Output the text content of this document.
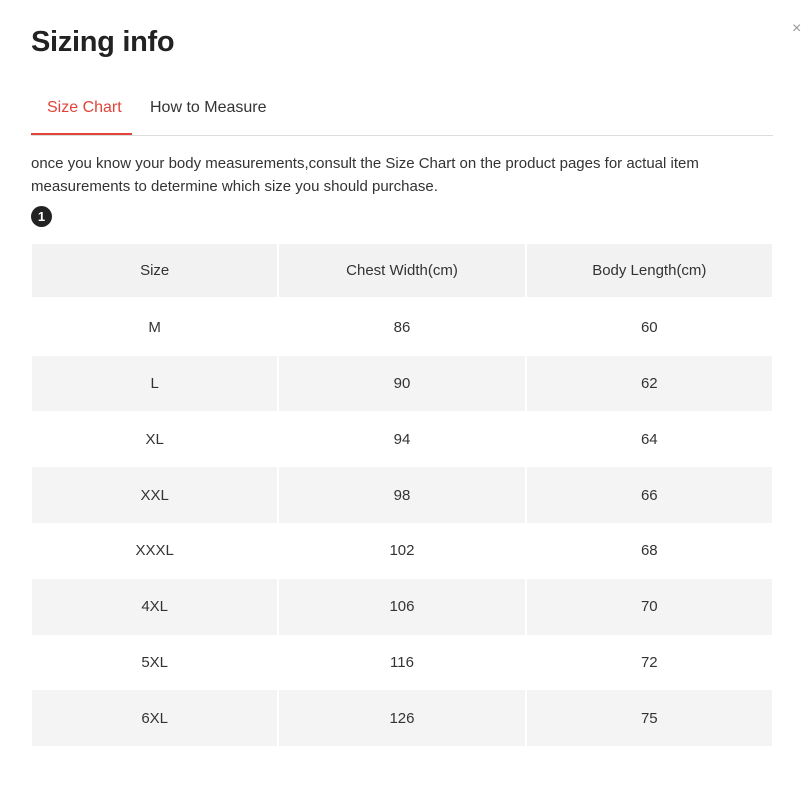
Sizing info	×
Size Chart	How to Measure
once you know your body measurements,consult the Size Chart on the product pages for actual item measurements to determine which size you should purchase.
1
Size	Chest Width(cm)	Body Length(cm)
M	86	60
L	90	62
XL	94	64
XXL	98	66
XXXL	102	68
4XL	106	70
5XL	116	72
6XL	126	75
